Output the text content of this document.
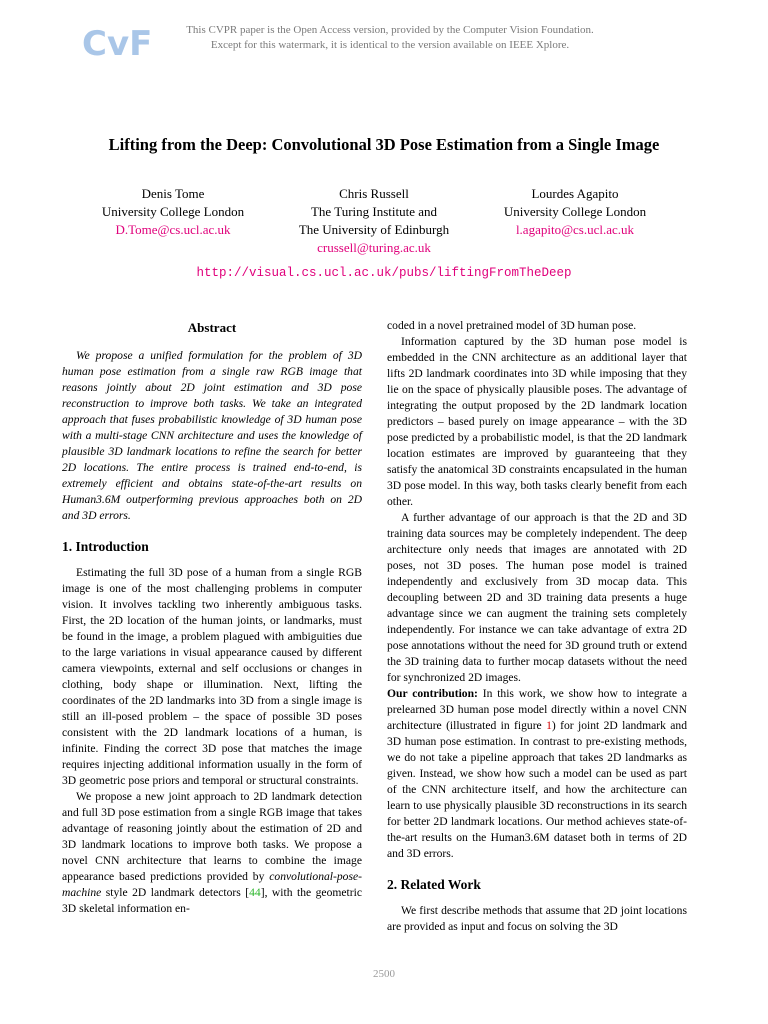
CvF	This CVPR paper is the Open Access version, provided by the Computer Vision Foundation.
Except for this watermark, it is identical to the version available on IEEE Xplore.
Lifting from the Deep: Convolutional 3D Pose Estimation from a Single Image
Denis Tome
University College London
D.Tome@cs.ucl.ac.uk
Chris Russell
The Turing Institute and
The University of Edinburgh
crussell@turing.ac.uk
Lourdes Agapito
University College London
l.agapito@cs.ucl.ac.uk
http://visual.cs.ucl.ac.uk/pubs/liftingFromTheDeep
Abstract

We propose a unified formulation for the problem of 3D human pose estimation from a single raw RGB image that reasons jointly about 2D joint estimation and 3D pose reconstruction to improve both tasks. We take an integrated approach that fuses probabilistic knowledge of 3D human pose with a multi-stage CNN architecture and uses the knowledge of plausible 3D landmark locations to refine the search for better 2D locations. The entire process is trained end-to-end, is extremely efficient and obtains state-of-the-art results on Human3.6M outperforming previous approaches both on 2D and 3D errors.

1. Introduction

Estimating the full 3D pose of a human from a single RGB image is one of the most challenging problems in computer vision. It involves tackling two inherently ambiguous tasks. First, the 2D location of the human joints, or landmarks, must be found in the image, a problem plagued with ambiguities due to the large variations in visual appearance caused by different camera viewpoints, external and self occlusions or changes in clothing, body shape or illumination. Next, lifting the coordinates of the 2D landmarks into 3D from a single image is still an ill-posed problem – the space of possible 3D poses consistent with the 2D landmark locations of a human, is infinite. Finding the correct 3D pose that matches the image requires injecting additional information usually in the form of 3D geometric pose priors and temporal or structural constraints.

We propose a new joint approach to 2D landmark detection and full 3D pose estimation from a single RGB image that takes advantage of reasoning jointly about the estimation of 2D and 3D landmark locations to improve both tasks. We propose a novel CNN architecture that learns to combine the image appearance based predictions provided by convolutional-pose-machine style 2D landmark detectors [44], with the geometric 3D skeletal information en-

coded in a novel pretrained model of 3D human pose.

Information captured by the 3D human pose model is embedded in the CNN architecture as an additional layer that lifts 2D landmark coordinates into 3D while imposing that they lie on the space of physically plausible poses. The advantage of integrating the output proposed by the 2D landmark location predictors – based purely on image appearance – with the 3D pose predicted by a probabilistic model, is that the 2D landmark location estimates are improved by guaranteeing that they satisfy the anatomical 3D constraints encapsulated in the human 3D pose model. In this way, both tasks clearly benefit from each other.

A further advantage of our approach is that the 2D and 3D training data sources may be completely independent. The deep architecture only needs that images are annotated with 2D poses, not 3D poses. The human pose model is trained independently and exclusively from 3D mocap data. This decoupling between 2D and 3D training data presents a huge advantage since we can augment the training sets completely independently. For instance we can take advantage of extra 2D pose annotations without the need for 3D ground truth or extend the 3D training data to further mocap datasets without the need for synchronized 2D images.

Our contribution: In this work, we show how to integrate a prelearned 3D human pose model directly within a novel CNN architecture (illustrated in figure 1) for joint 2D landmark and 3D human pose estimation. In contrast to pre-existing methods, we do not take a pipeline approach that takes 2D landmarks as given. Instead, we show how such a model can be used as part of the CNN architecture itself, and how the architecture can learn to use physically plausible 3D reconstructions in its search for better 2D landmark locations. Our method achieves state-of-the-art results on the Human3.6M dataset both in terms of 2D and 3D errors.

2. Related Work

We first describe methods that assume that 2D joint locations are provided as input and focus on solving the 3D

2500
